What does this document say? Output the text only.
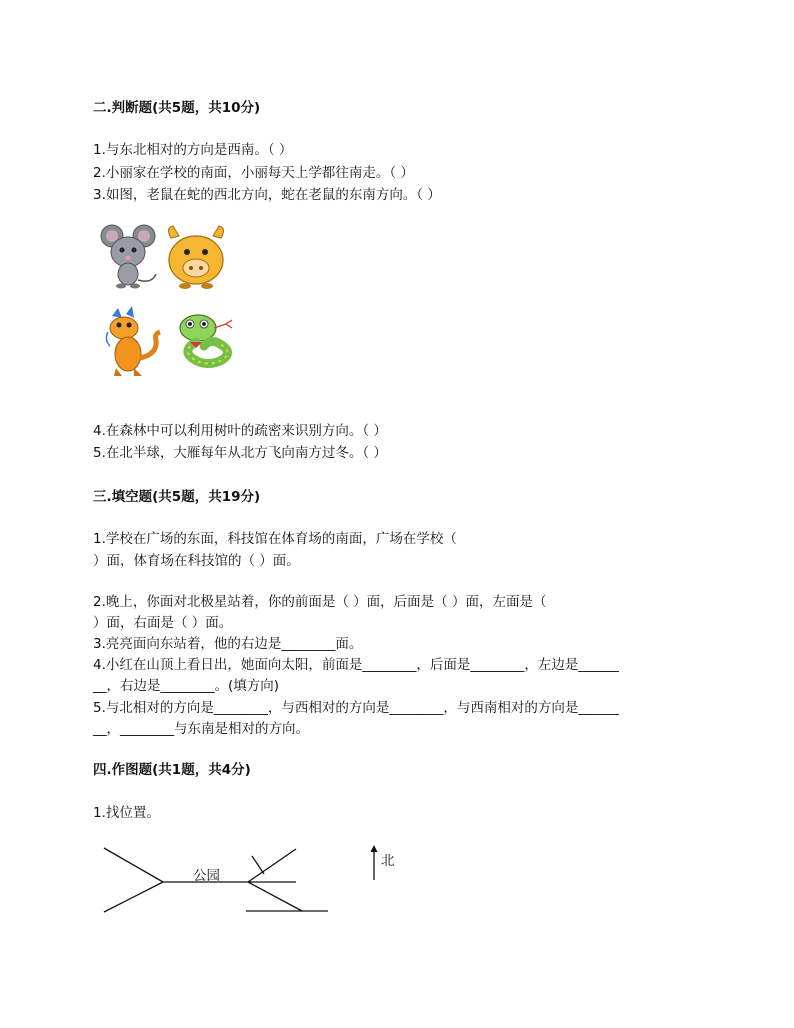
二.判断题(共5题，共10分)
1.与东北相对的方向是西南。（ ）
2.小丽家在学校的南面，小丽每天上学都往南走。（ ）
3.如图，老鼠在蛇的西北方向，蛇在老鼠的东南方向。（ ）
4.在森林中可以利用树叶的疏密来识别方向。（ ）
5.在北半球，大雁每年从北方飞向南方过冬。（ ）
三.填空题(共5题，共19分)
1.学校在广场的东面，科技馆在体育场的南面，广场在学校（
）面，体育场在科技馆的（ ）面。
2.晚上，你面对北极星站着，你的前面是（ ）面，后面是（ ）面，左面是（
）面，右面是（ ）面。
3.亮亮面向东站着，他的右边是________面。
4.小红在山顶上看日出，她面向太阳，前面是________，后面是________，左边是______
__，右边是________。(填方向)
5.与北相对的方向是________，与西相对的方向是________，与西南相对的方向是______
__，________与东南是相对的方向。
四.作图题(共1题，共4分)
1.找位置。
公园
北
